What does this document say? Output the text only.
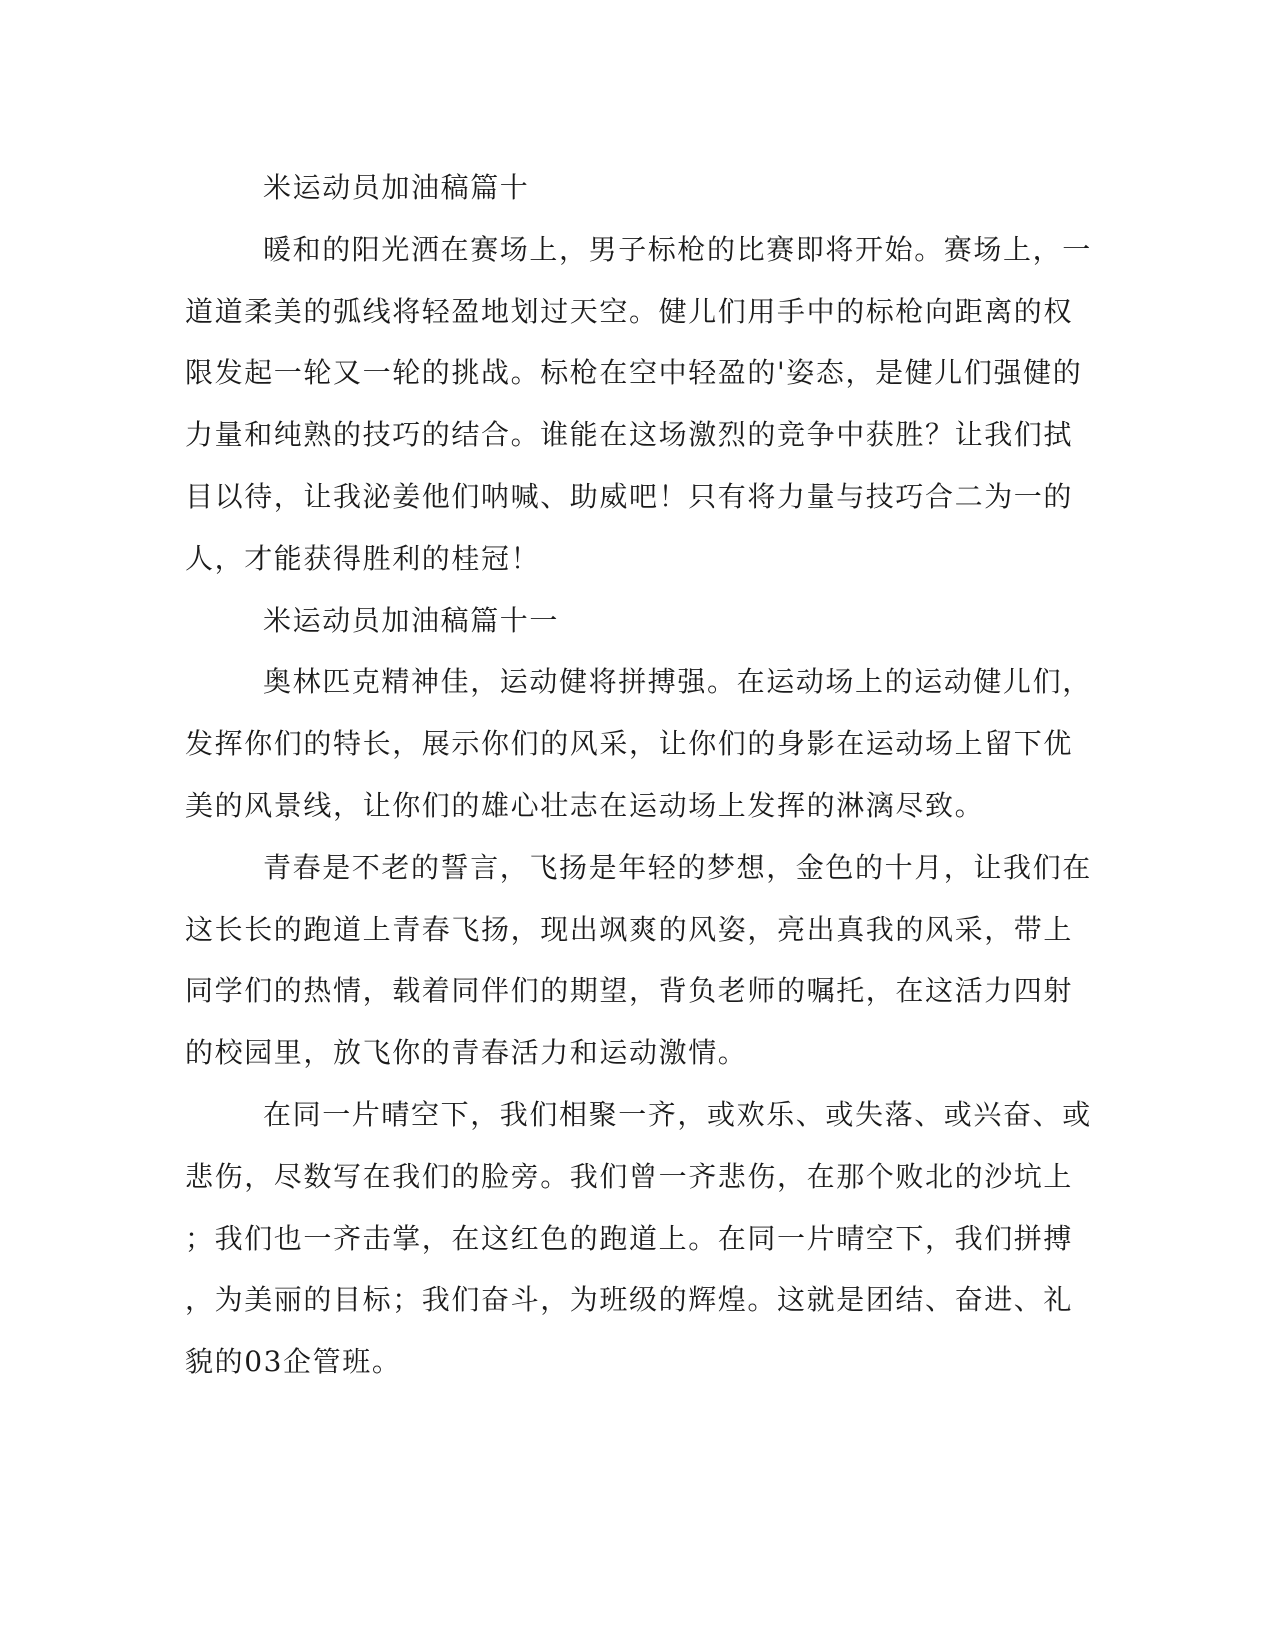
米运动员加油稿篇十
暖和的阳光洒在赛场上，男子标枪的比赛即将开始。赛场上，一
道道柔美的弧线将轻盈地划过天空。健儿们用手中的标枪向距离的权
限发起一轮又一轮的挑战。标枪在空中轻盈的'姿态，是健儿们强健的
力量和纯熟的技巧的结合。谁能在这场激烈的竞争中获胜？让我们拭
目以待，让我泌姜他们呐喊、助威吧！只有将力量与技巧合二为一的
人，才能获得胜利的桂冠！
米运动员加油稿篇十一
奥林匹克精神佳，运动健将拼搏强。在运动场上的运动健儿们，
发挥你们的特长，展示你们的风采，让你们的身影在运动场上留下优
美的风景线，让你们的雄心壮志在运动场上发挥的淋漓尽致。
青春是不老的誓言，飞扬是年轻的梦想，金色的十月，让我们在
这长长的跑道上青春飞扬，现出飒爽的风姿，亮出真我的风采，带上
同学们的热情，载着同伴们的期望，背负老师的嘱托，在这活力四射
的校园里，放飞你的青春活力和运动激情。
在同一片晴空下，我们相聚一齐，或欢乐、或失落、或兴奋、或
悲伤，尽数写在我们的脸旁。我们曾一齐悲伤，在那个败北的沙坑上
；我们也一齐击掌，在这红色的跑道上。在同一片晴空下，我们拼搏
，为美丽的目标；我们奋斗，为班级的辉煌。这就是团结、奋进、礼
貌的03企管班。
